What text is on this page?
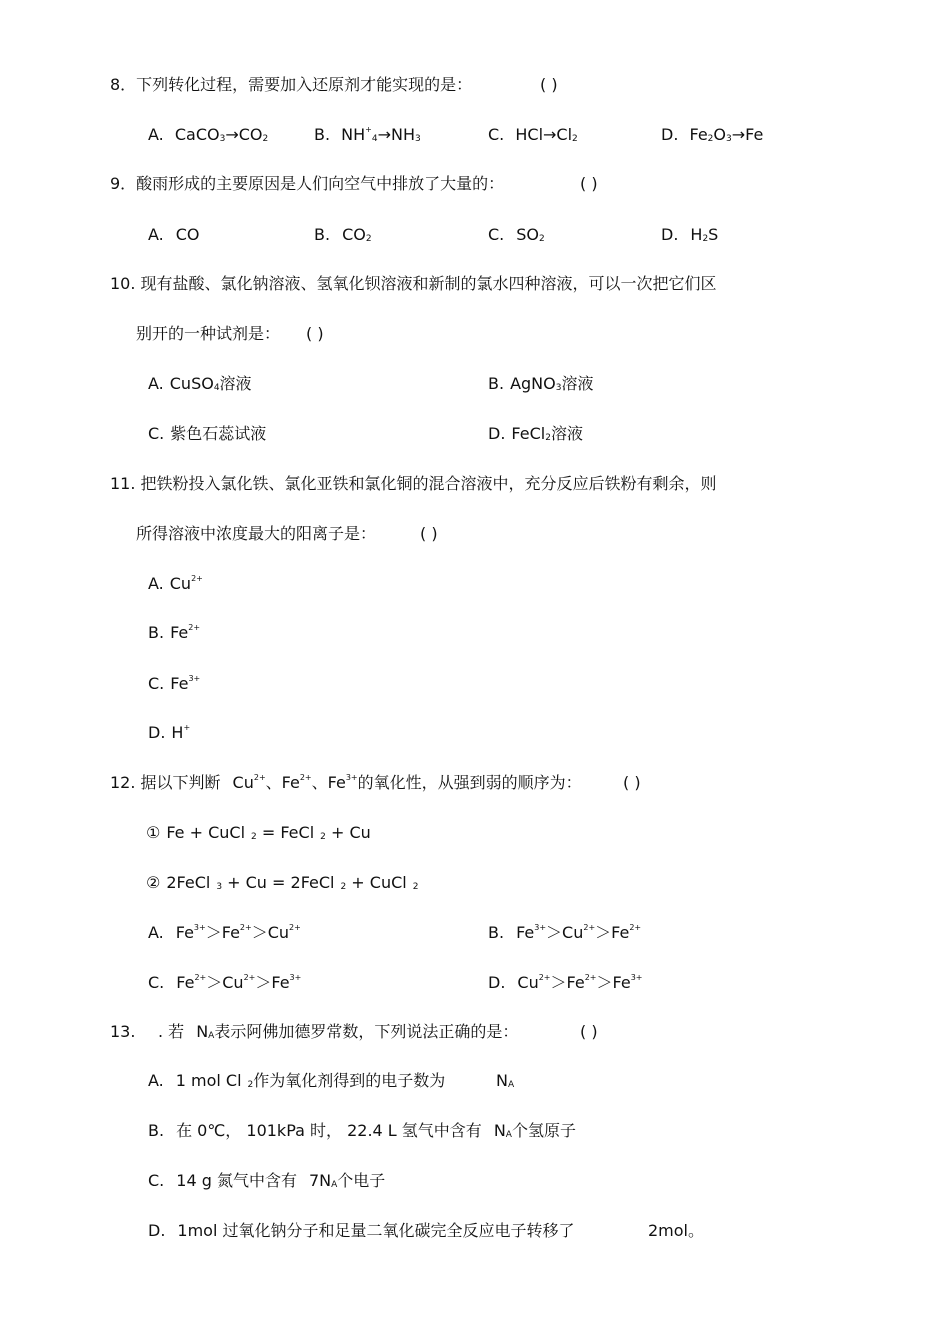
8．下列转化过程，需要加入还原剂才能实现的是：	( )
A. $CaCO_3\to CO_2$	B. $NH^+_4\to NH_3$	C. $HCl\to Cl_2$	D. $Fe_2O_3\to Fe$
9．酸雨形成的主要原因是人们向空气中排放了大量的：	( )
A. CO	B. $CO_2$	C. $SO_2$	D. $H_2S$
10. 现有盐酸、氯化钠溶液、氢氧化钡溶液和新制的氯水四种溶液，可以一次把它们区
别开的一种试剂是： ( )
A. CuSO$_4$溶液	B. AgNO$_3$溶液
C. 紫色石蕊试液	D. FeCl$_2$溶液
11. 把铁粉投入氯化铁、氯化亚铁和氯化铜的混合溶液中，充分反应后铁粉有剩余，则
所得溶液中浓度最大的阳离子是：	( )
A. $Cu^{2+}$
B. $Fe^{2+}$
C. $Fe^{3+}$
D. H+
12. 据以下判断 $Cu^{2+}$、$Fe^{2+}$、$Fe^{3+}$的氧化性，从强到弱的顺序为：	( )
① Fe + CuCl $_2$ = FeCl $_2$ + Cu
② 2FeCl $_3$ + Cu = 2FeCl $_2$ + CuCl $_2$
A. $Fe^{3+}>Fe^{2+}>Cu^{2+}$	B. $Fe^{3+}>Cu^{2+}>Fe^{2+}$
C. $Fe^{2+}>Cu^{2+}>Fe^{3+}$	D. $Cu^{2+}>Fe^{2+}>Fe^{3+}$
13. . 若 $N_A$表示阿佛加德罗常数，下列说法正确的是：	( )
A. 1 mol Cl $_2$作为氧化剂得到的电子数为	$N_A$
B. 在 0℃， 101kPa 时， 22.4 L 氢气中含有 $N_A$个氢原子
C. 14 g 氮气中含有 $7N_A$个电子
D. 1mol 过氧化钠分子和足量二氧化碳完全反应电子转移了	2mol。
